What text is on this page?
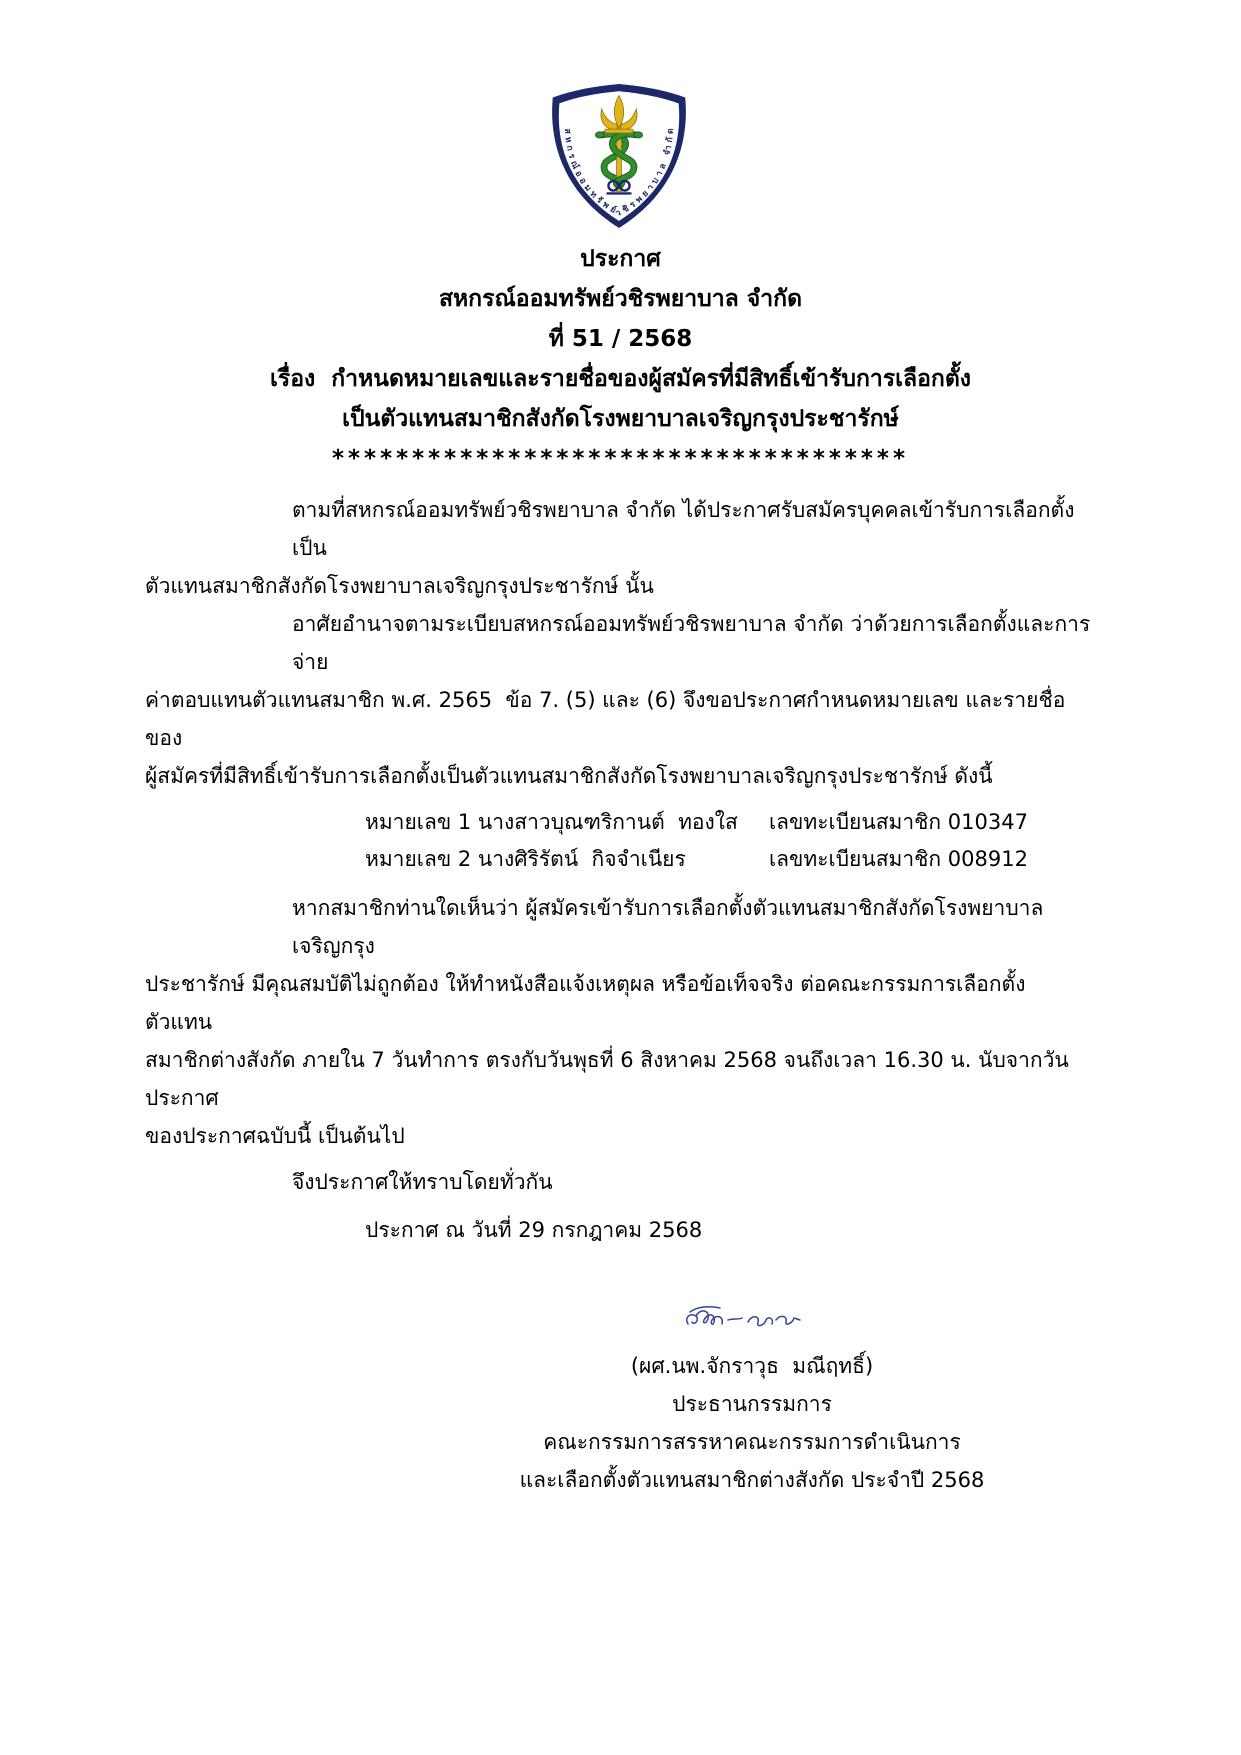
สหกรณ์ออมทรัพย์วชิรพยาบาล จำกัด
ประกาศ
สหกรณ์ออมทรัพย์วชิรพยาบาล จำกัด
ที่ 51 / 2568
เรื่อง  กำหนดหมายเลขและรายชื่อของผู้สมัครที่มีสิทธิ์เข้ารับการเลือกตั้ง
เป็นตัวแทนสมาชิกสังกัดโรงพยาบาลเจริญกรุงประชารักษ์
************************************
ตามที่สหกรณ์ออมทรัพย์วชิรพยาบาล จำกัด ได้ประกาศรับสมัครบุคคลเข้ารับการเลือกตั้งเป็น
ตัวแทนสมาชิกสังกัดโรงพยาบาลเจริญกรุงประชารักษ์ นั้น
อาศัยอำนาจตามระเบียบสหกรณ์ออมทรัพย์วชิรพยาบาล จำกัด ว่าด้วยการเลือกตั้งและการจ่าย
ค่าตอบแทนตัวแทนสมาชิก พ.ศ. 2565  ข้อ 7. (5) และ (6) จึงขอประกาศกำหนดหมายเลข และรายชื่อของ
ผู้สมัครที่มีสิทธิ์เข้ารับการเลือกตั้งเป็นตัวแทนสมาชิกสังกัดโรงพยาบาลเจริญกรุงประชารักษ์ ดังนี้
หมายเลข 1 นางสาวบุณฑริกานต์  ทองใส	เลขทะเบียนสมาชิก 010347
หมายเลข 2 นางศิริรัตน์  กิจจำเนียร	เลขทะเบียนสมาชิก 008912
หากสมาชิกท่านใดเห็นว่า ผู้สมัครเข้ารับการเลือกตั้งตัวแทนสมาชิกสังกัดโรงพยาบาลเจริญกรุง
ประชารักษ์ มีคุณสมบัติไม่ถูกต้อง ให้ทำหนังสือแจ้งเหตุผล หรือข้อเท็จจริง ต่อคณะกรรมการเลือกตั้งตัวแทน
สมาชิกต่างสังกัด ภายใน 7 วันทำการ ตรงกับวันพุธที่ 6 สิงหาคม 2568 จนถึงเวลา 16.30 น. นับจากวันประกาศ
ของประกาศฉบับนี้ เป็นต้นไป
จึงประกาศให้ทราบโดยทั่วกัน
ประกาศ ณ วันที่ 29 กรกฎาคม 2568
(ผศ.นพ.จักราวุธ  มณีฤทธิ์)
ประธานกรรมการ
คณะกรรมการสรรหาคณะกรรมการดำเนินการ
และเลือกตั้งตัวแทนสมาชิกต่างสังกัด ประจำปี 2568
